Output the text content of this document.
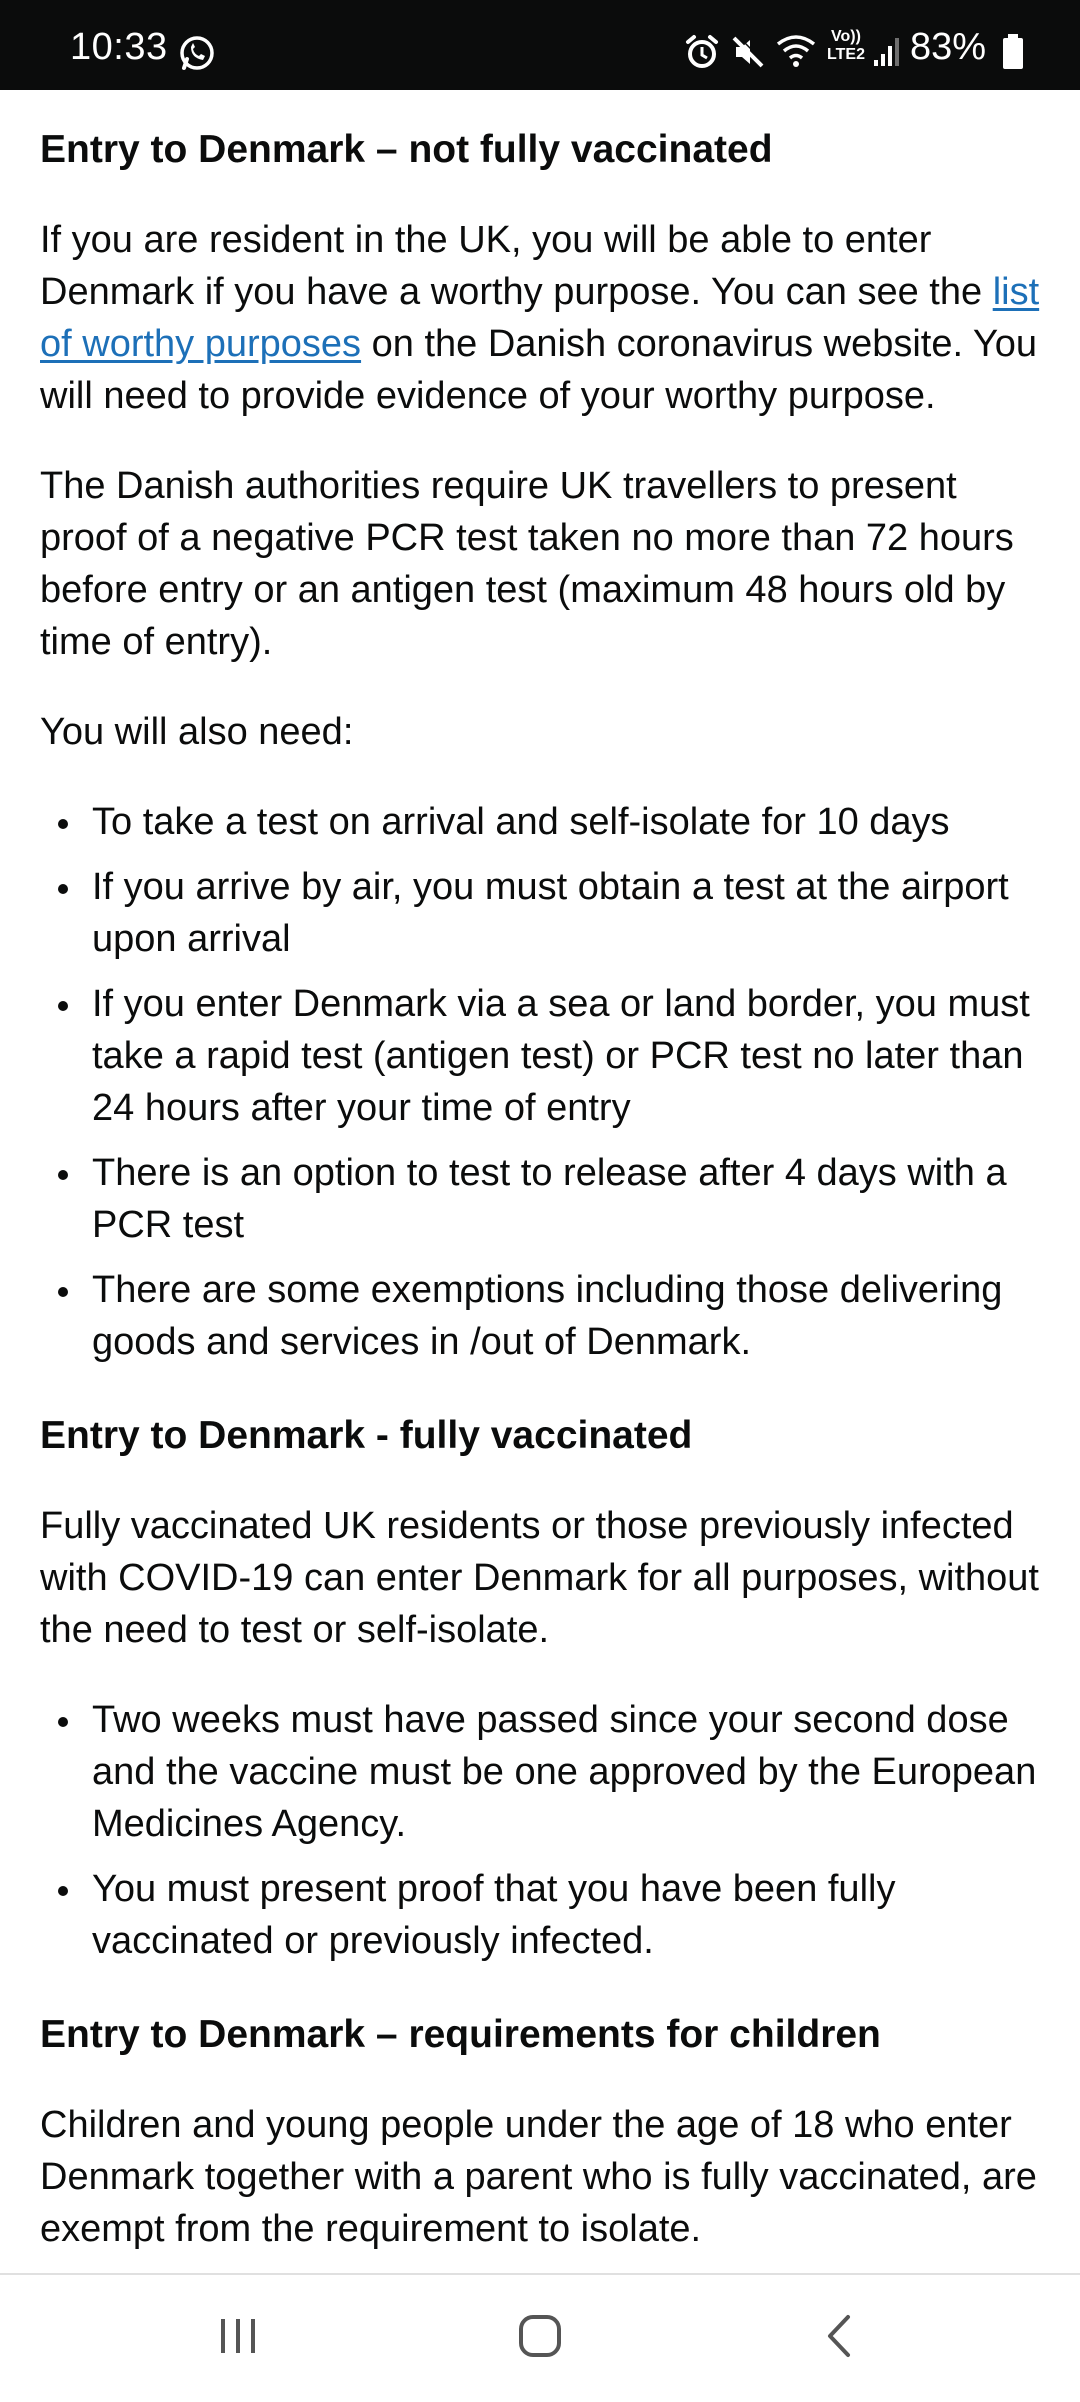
10:33	Vo))
LTE2 83%
Entry to Denmark – not fully vaccinated

If you are resident in the UK, you will be able to enter Denmark if you have a worthy purpose. You can see the list of worthy purposes on the Danish coronavirus website. You will need to provide evidence of your worthy purpose.

The Danish authorities require UK travellers to present proof of a negative PCR test taken no more than 72 hours before entry or an antigen test (maximum 48 hours old by time of entry).

You will also need:

To take a test on arrival and self-isolate for 10 days
If you arrive by air, you must obtain a test at the airport upon arrival
If you enter Denmark via a sea or land border, you must take a rapid test (antigen test) or PCR test no later than 24 hours after your time of entry
There is an option to test to release after 4 days with a PCR test
There are some exemptions including those delivering goods and services in /out of Denmark.
Entry to Denmark - fully vaccinated

Fully vaccinated UK residents or those previously infected with COVID-19 can enter Denmark for all purposes, without the need to test or self-isolate.

Two weeks must have passed since your second dose and the vaccine must be one approved by the European Medicines Agency.
You must present proof that you have been fully vaccinated or previously infected.
Entry to Denmark – requirements for children

Children and young people under the age of 18 who enter Denmark together with a parent who is fully vaccinated, are exempt from the requirement to isolate.
